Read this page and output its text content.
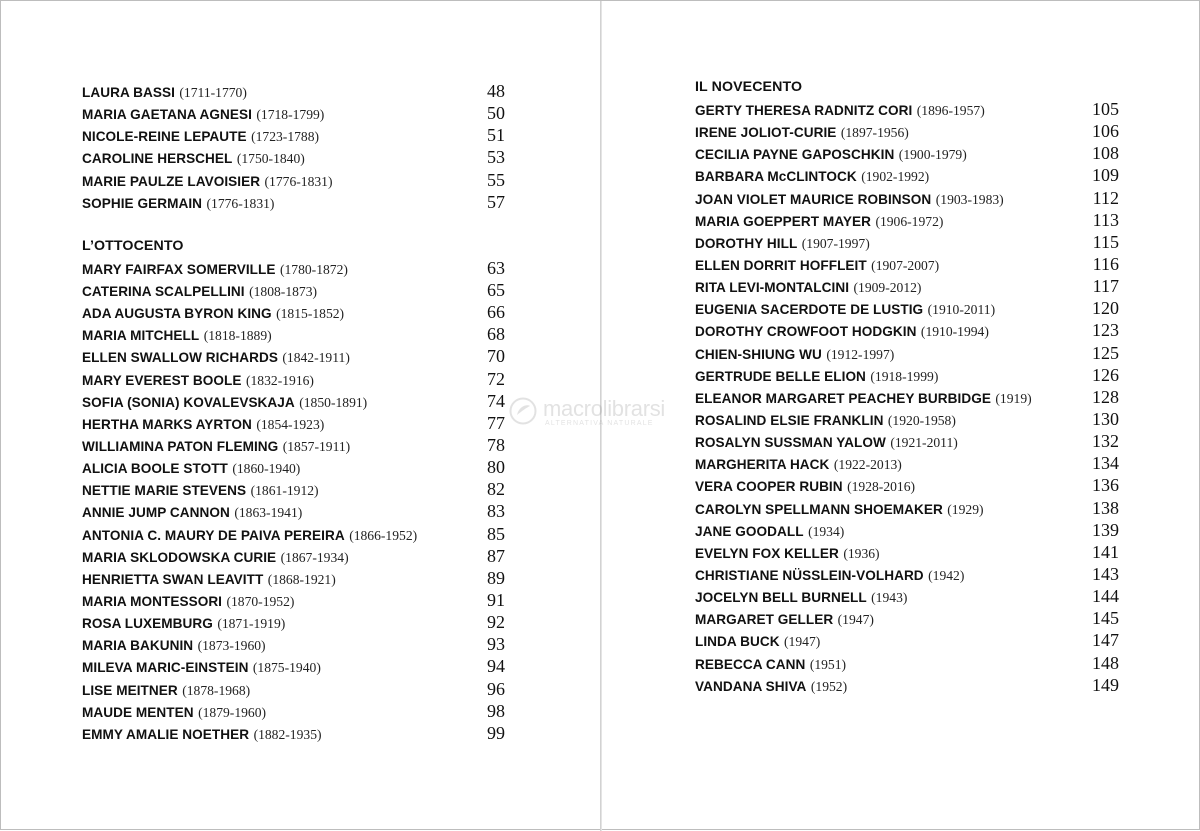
LAURA BASSI (1711-1770)	48
MARIA GAETANA AGNESI (1718-1799)	50
NICOLE-REINE LEPAUTE (1723-1788)	51
CAROLINE HERSCHEL (1750-1840)	53
MARIE PAULZE LAVOISIER (1776-1831)	55
SOPHIE GERMAIN (1776-1831)	57
L’OTTOCENTO
MARY FAIRFAX SOMERVILLE (1780-1872)	63
CATERINA SCALPELLINI (1808-1873)	65
ADA AUGUSTA BYRON KING (1815-1852)	66
MARIA MITCHELL (1818-1889)	68
ELLEN SWALLOW RICHARDS (1842-1911)	70
MARY EVEREST BOOLE (1832-1916)	72
SOFIA (SONIA) KOVALEVSKAJA (1850-1891)	74
HERTHA MARKS AYRTON (1854-1923)	77
WILLIAMINA PATON FLEMING (1857-1911)	78
ALICIA BOOLE STOTT (1860-1940)	80
NETTIE MARIE STEVENS (1861-1912)	82
ANNIE JUMP CANNON (1863-1941)	83
ANTONIA C. MAURY DE PAIVA PEREIRA (1866-1952)	85
MARIA SKLODOWSKA CURIE (1867-1934)	87
HENRIETTA SWAN LEAVITT (1868-1921)	89
MARIA MONTESSORI (1870-1952)	91
ROSA LUXEMBURG (1871-1919)	92
MARIA BAKUNIN (1873-1960)	93
MILEVA MARIC-EINSTEIN (1875-1940)	94
LISE MEITNER (1878-1968)	96
MAUDE MENTEN (1879-1960)	98
EMMY AMALIE NOETHER (1882-1935)	99
IL NOVECENTO
GERTY THERESA RADNITZ CORI (1896-1957)	105
IRENE JOLIOT-CURIE (1897-1956)	106
CECILIA PAYNE GAPOSCHKIN (1900-1979)	108
BARBARA McCLINTOCK (1902-1992)	109
JOAN VIOLET MAURICE ROBINSON (1903-1983)	112
MARIA GOEPPERT MAYER (1906-1972)	113
DOROTHY HILL (1907-1997)	115
ELLEN DORRIT HOFFLEIT (1907-2007)	116
RITA LEVI-MONTALCINI (1909-2012)	117
EUGENIA SACERDOTE DE LUSTIG (1910-2011)	120
DOROTHY CROWFOOT HODGKIN (1910-1994)	123
CHIEN-SHIUNG WU (1912-1997)	125
GERTRUDE BELLE ELION (1918-1999)	126
ELEANOR MARGARET PEACHEY BURBIDGE (1919)	128
ROSALIND ELSIE FRANKLIN (1920-1958)	130
ROSALYN SUSSMAN YALOW (1921-2011)	132
MARGHERITA HACK (1922-2013)	134
VERA COOPER RUBIN (1928-2016)	136
CAROLYN SPELLMANN SHOEMAKER (1929)	138
JANE GOODALL (1934)	139
EVELYN FOX KELLER (1936)	141
CHRISTIANE NÜSSLEIN-VOLHARD (1942)	143
JOCELYN BELL BURNELL (1943)	144
MARGARET GELLER (1947)	145
LINDA BUCK (1947)	147
REBECCA CANN (1951)	148
VANDANA SHIVA (1952)	149
macrolibrarsi
ALTERNATIVA NATURALE
